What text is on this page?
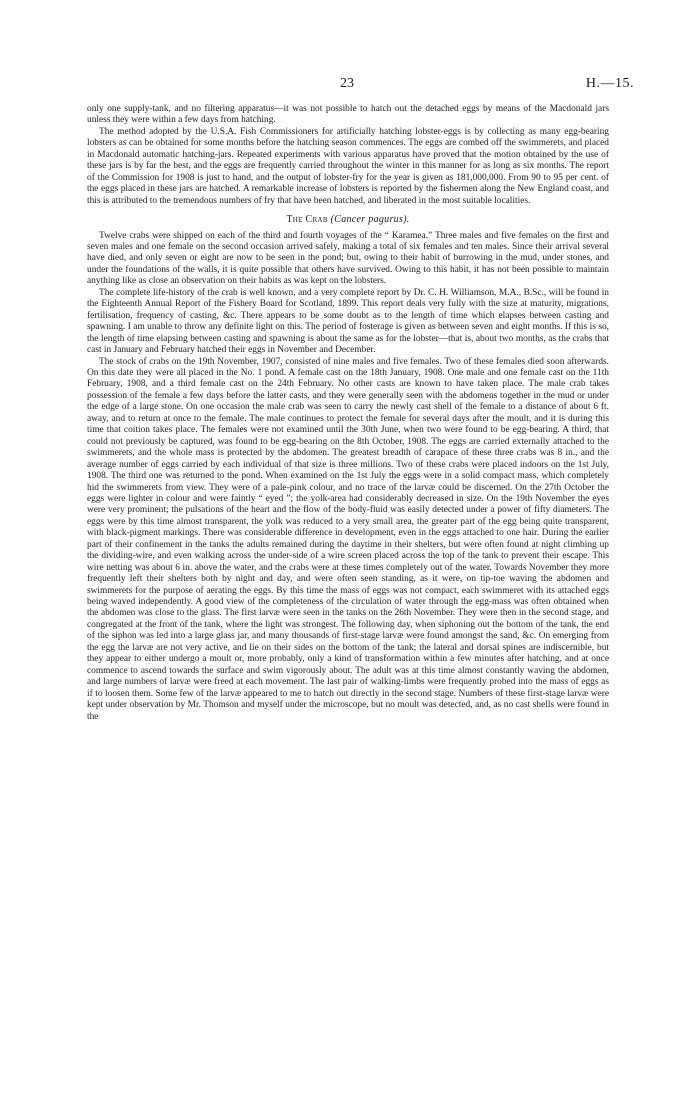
23	H.—15.

only one supply-tank, and no filtering apparatus—it was not possible to hatch out the detached eggs by means of the Macdonald jars unless they were within a few days from hatching.

The method adopted by the U.S.A. Fish Commissioners for artificially hatching lobster-eggs is by collecting as many egg-bearing lobsters as can be obtained for some months before the hatching season commences. The eggs are combed off the swimmerets, and placed in Macdonald automatic hatching-jars. Repeated experiments with various apparatus have proved that the motion obtained by the use of these jars is by far the best, and the eggs are frequently carried throughout the winter in this manner for as long as six months. The report of the Commission for 1908 is just to hand, and the output of lobster-fry for the year is given as 181,000,000. From 90 to 95 per cent. of the eggs placed in these jars are hatched. A remarkable increase of lobsters is reported by the fishermen along the New England coast, and this is attributed to the tremendous numbers of fry that have been hatched, and liberated in the most suitable localities.

The Crab (Cancer pagurus).

Twelve crabs were shipped on each of the third and fourth voyages of the “ Karamea.” Three males and five females on the first and seven males and one female on the second occasion arrived safely, making a total of six females and ten males. Since their arrival several have died, and only seven or eight are now to be seen in the pond; but, owing to their habit of burrowing in the mud, under stones, and under the foundations of the walls, it is quite possible that others have survived. Owing to this habit, it has not been possible to maintain anything like as close an observation on their habits as was kept on the lobsters.

The complete life-history of the crab is well known, and a very complete report by Dr. C. H. Williamson, M.A., B.Sc., will be found in the Eighteenth Annual Report of the Fishery Board for Scotland, 1899. This report deals very fully with the size at maturity, migrations, fertilisation, frequency of casting, &c. There appears to be some doubt as to the length of time which elapses between casting and spawning. I am unable to throw any definite light on this. The period of fosterage is given as between seven and eight months. If this is so, the length of time elapsing between casting and spawning is about the same as for the lobster—that is, about two months, as the crabs that cast in January and February hatched their eggs in November and December.

The stock of crabs on the 19th November, 1907, consisted of nine males and five females. Two of these females died soon afterwards. On this date they were all placed in the No. 1 pond. A female cast on the 18th January, 1908. One male and one female cast on the 11th February, 1908, and a third female cast on the 24th February. No other casts are known to have taken place. The male crab takes possession of the female a few days before the latter casts, and they were generally seen with the abdomens together in the mud or under the edge of a large stone. On one occasion the male crab was seen to carry the newly cast shell of the female to a distance of about 6 ft. away, and to return at once to the female. The male continues to protect the female for several days after the moult, and it is during this time that coition takes place. The females were not examined until the 30th June, when two were found to be egg-bearing. A third, that could not previously be captured, was found to be egg-bearing on the 8th October, 1908. The eggs are carried externally attached to the swimmerets, and the whole mass is protected by the abdomen. The greatest breadth of carapace of these three crabs was 8 in., and the average number of eggs carried by each individual of that size is three millions. Two of these crabs were placed indoors on the 1st July, 1908. The third one was returned to the pond. When examined on the 1st July the eggs were in a solid compact mass, which completely hid the swimmerets from view. They were of a pale-pink colour, and no trace of the larvæ could be discerned. On the 27th October the eggs were lighter in colour and were faintly “ eyed ”; the yolk-area had considerably decreased in size. On the 19th November the eyes were very prominent; the pulsations of the heart and the flow of the body-fluid was easily detected under a power of fifty diameters. The eggs were by this time almost transparent, the yolk was reduced to a very small area, the greater part of the egg being quite transparent, with black-pigment markings. There was considerable difference in development, even in the eggs attached to one hair. During the earlier part of their confinement in the tanks the adults remained during the daytime in their shelters, but were often found at night climbing up the dividing-wire, and even walking across the under-side of a wire screen placed across the top of the tank to prevent their escape. This wire netting was about 6 in. above the water, and the crabs were at these times completely out of the water. Towards November they more frequently left their shelters both by night and day, and were often seen standing, as it were, on tip-toe waving the abdomen and swimmerets for the purpose of aerating the eggs. By this time the mass of eggs was not compact, each swimmeret with its attached eggs being waved independently. A good view of the completeness of the circulation of water through the egg-mass was often obtained when the abdomen was close to the glass. The first larvæ were seen in the tanks on the 26th November. They were then in the second stage, and congregated at the front of the tank, where the light was strongest. The following day, when siphoning out the bottom of the tank, the end of the siphon was led into a large glass jar, and many thousands of first-stage larvæ were found amongst the sand, &c. On emerging from the egg the larvæ are not very active, and lie on their sides on the bottom of the tank; the lateral and dorsal spines are indiscernible, but they appear to either undergo a moult or, more probably, only a kind of transformation within a few minutes after hatching, and at once commence to ascend towards the surface and swim vigorously about. The adult was at this time almost constantly waving the abdomen, and large numbers of larvæ were freed at each movement. The last pair of walking-limbs were frequently probed into the mass of eggs as if to loosen them. Some few of the larvæ appeared to me to hatch out directly in the second stage. Numbers of these first-stage larvæ were kept under observation by Mr. Thomson and myself under the microscope, but no moult was detected, and, as no cast shells were found in the
